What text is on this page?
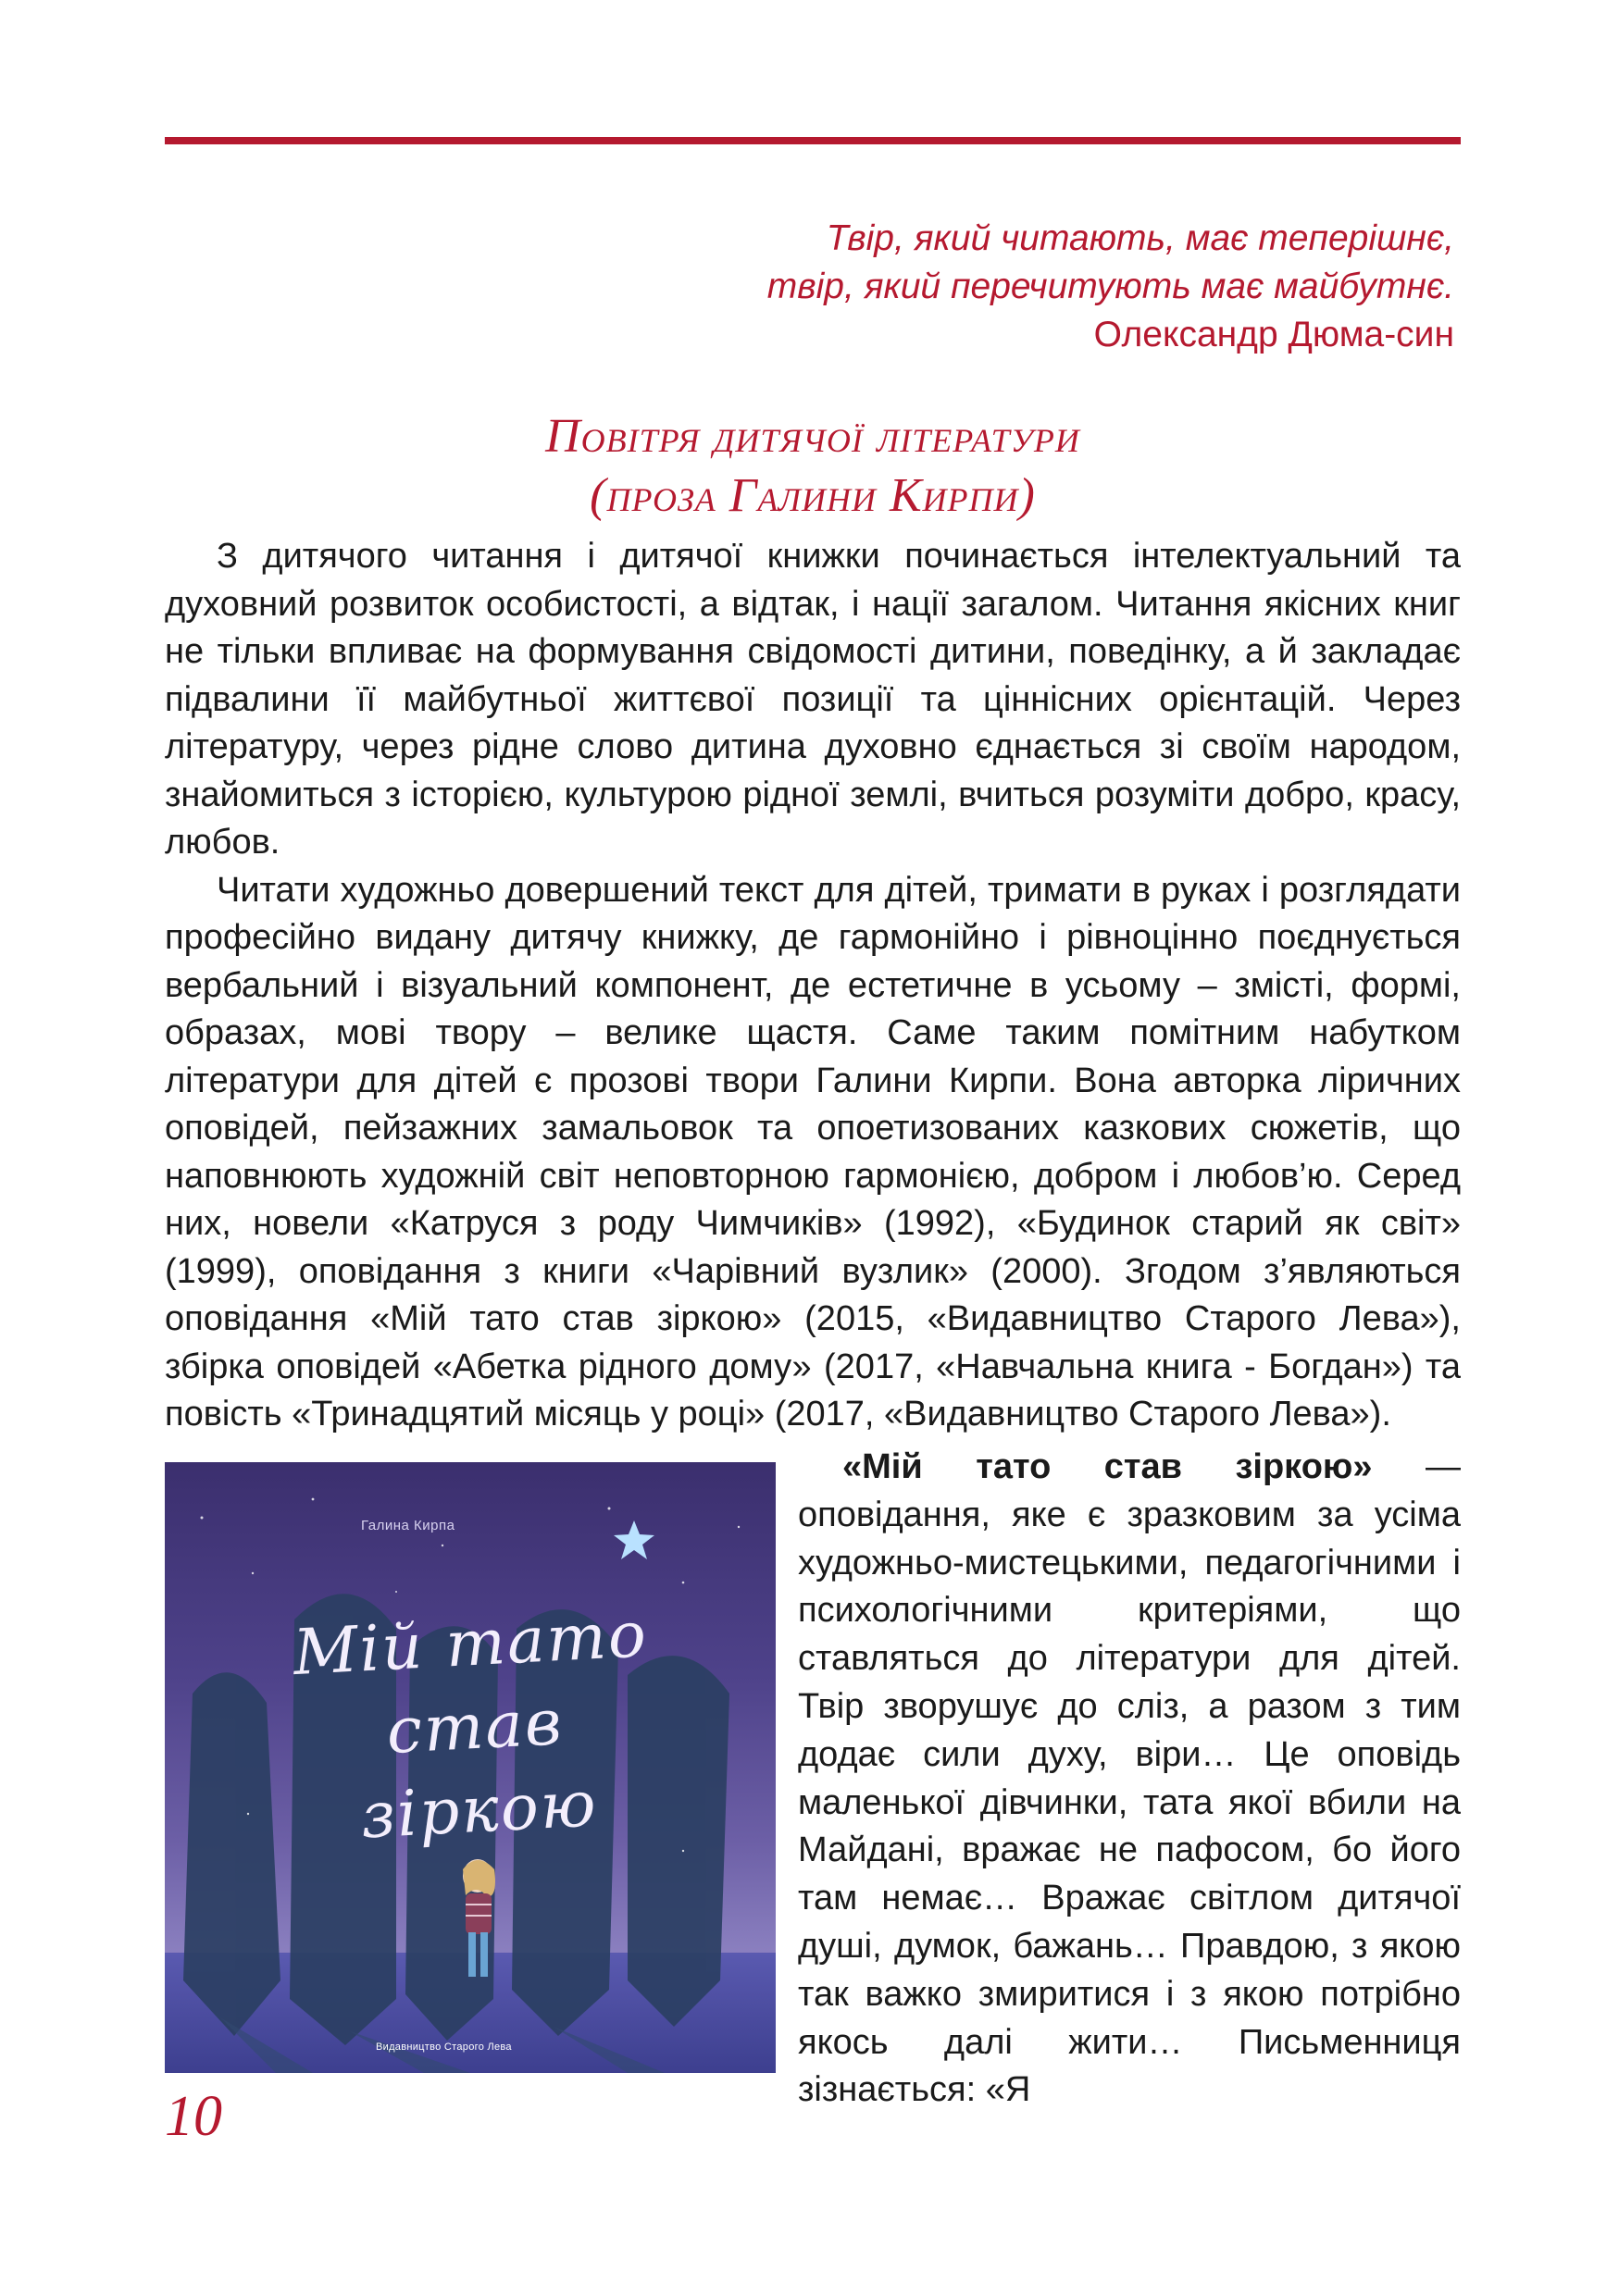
Твір, який читають, має теперішнє,
твір, який перечитують має майбутнє.
Олександр Дюма-син
Повітря дитячої літератури
(проза Галини Кирпи)

З дитячого читання і дитячої книжки починається інтелектуальний та духовний розвиток особистості, а відтак, і нації загалом. Читання якісних книг не тільки впливає на формування свідомості дитини, поведінку, а й закладає підвалини її майбутньої життєвої позиції та ціннісних орієнтацій. Через літературу, через рідне слово дитина духовно єднається зі своїм народом, знайомиться з історією, культурою рідної землі, вчиться розуміти добро, красу, любов.

Читати художньо довершений текст для дітей, тримати в руках і розглядати професійно видану дитячу книжку, де гармонійно і рівноцінно поєднується вербальний і візуальний компонент, де естетичне в усьому – змісті, формі, образах, мові твору – велике щастя. Саме таким помітним набутком літератури для дітей є прозові твори Галини Кирпи. Вона авторка ліричних оповідей, пейзажних замальовок та опоетизованих казкових сюжетів, що наповнюють художній світ неповторною гармонією, добром і любов’ю. Серед них, новели «Катруся з роду Чимчиків» (1992), «Будинок старий як світ» (1999), оповідання з книги «Чарівний вузлик» (2000). Згодом з’являються оповідання «Мій тато став зіркою» (2015, «Видавництво Старого Лева»), збірка оповідей «Абетка рідного дому» (2017, «Навчальна книга - Богдан») та повість «Тринадцятий місяць у році» (2017, «Видавництво Старого Лева»).

Галина Кирпа
Мій тато
став зіркою
Видавництво Старого Лева

«Мій тато став зіркою» — оповідання, яке є зразковим за усіма художньо-мистецькими, педагогічними і психологічними критеріями, що ставляться до літератури для дітей. Твір зворушує до сліз, а разом з тим додає сили духу, віри… Це оповідь маленької дівчинки, тата якої вбили на Майдані, вражає не пафосом, бо його там немає… Вражає світлом дитячої душі, думок, бажань… Правдою, з якою так важко змиритися і з якою потрібно якось далі жити… Письменниця зізнається: «Я

10
